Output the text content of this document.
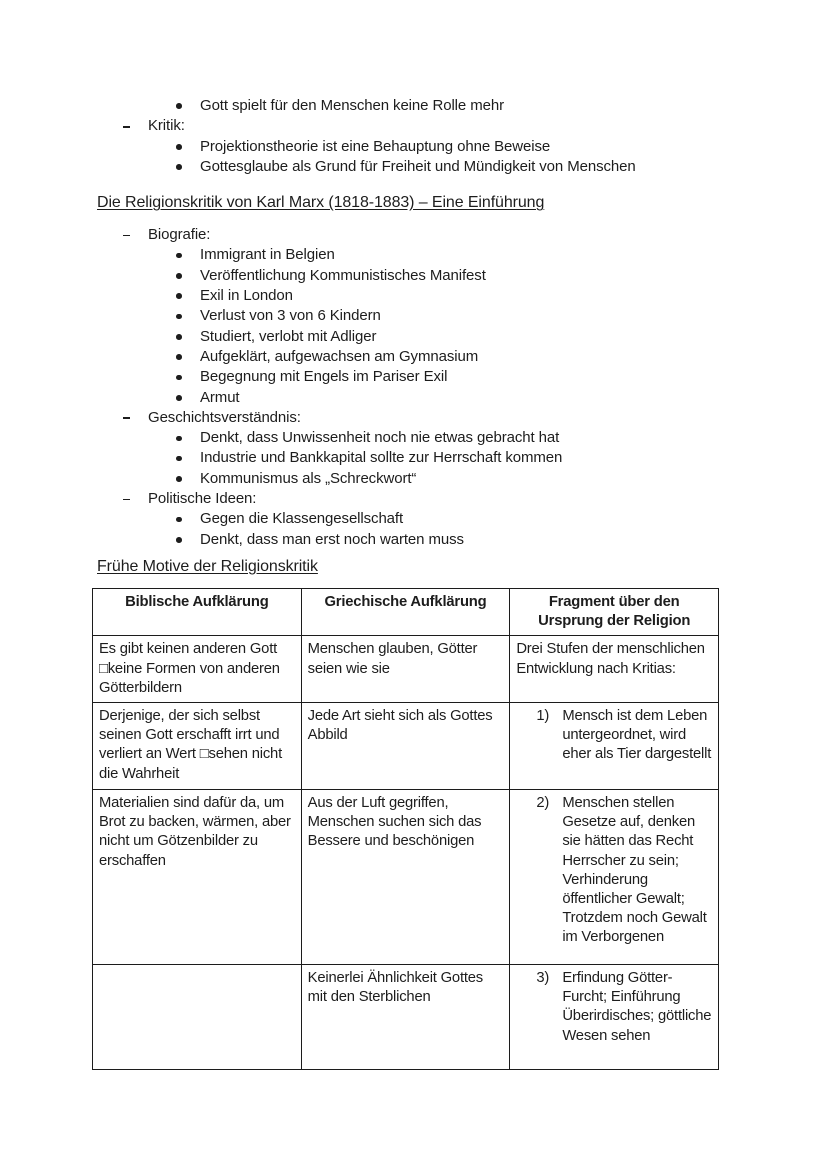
Gott spielt für den Menschen keine Rolle mehr
Kritik:
Projektionstheorie ist eine Behauptung ohne Beweise
Gottesglaube als Grund für Freiheit und Mündigkeit von Menschen
Die Religionskritik von Karl Marx (1818-1883) – Eine Einführung
Biografie:
Immigrant in Belgien
Veröffentlichung Kommunistisches Manifest
Exil in London
Verlust von 3 von 6 Kindern
Studiert, verlobt mit Adliger
Aufgeklärt, aufgewachsen am Gymnasium
Begegnung mit Engels im Pariser Exil
Armut
Geschichtsverständnis:
Denkt, dass Unwissenheit noch nie etwas gebracht hat
Industrie und Bankkapital sollte zur Herrschaft kommen
Kommunismus als „Schreckwort“
Politische Ideen:
Gegen die Klassengesellschaft
Denkt, dass man erst noch warten muss
Frühe Motive der Religionskritik
Biblische Aufklärung	Griechische Aufklärung	Fragment über den Ursprung der Religion
Es gibt keinen anderen Gott □keine Formen von anderen Götterbildern	Menschen glauben, Götter seien wie sie	Drei Stufen der menschlichen Entwicklung nach Kritias:
Derjenige, der sich selbst seinen Gott erschafft irrt und verliert an Wert □sehen nicht die Wahrheit	Jede Art sieht sich als Gottes Abbild	1) Mensch ist dem Leben untergeordnet, wird eher als Tier dargestellt

Materialien sind dafür da, um Brot zu backen, wärmen, aber nicht um Götzenbilder zu erschaffen	Aus der Luft gegriffen, Menschen suchen sich das Bessere und beschönigen	2) Menschen stellen Gesetze auf, denken sie hätten das Recht Herrscher zu sein; Verhinderung öffentlicher Gewalt; Trotzdem noch Gewalt im Verborgenen

	Keinerlei Ähnlichkeit Gottes mit den Sterblichen	3) Erfindung Götter-Furcht; Einführung Überirdisches; göttliche Wesen sehen
